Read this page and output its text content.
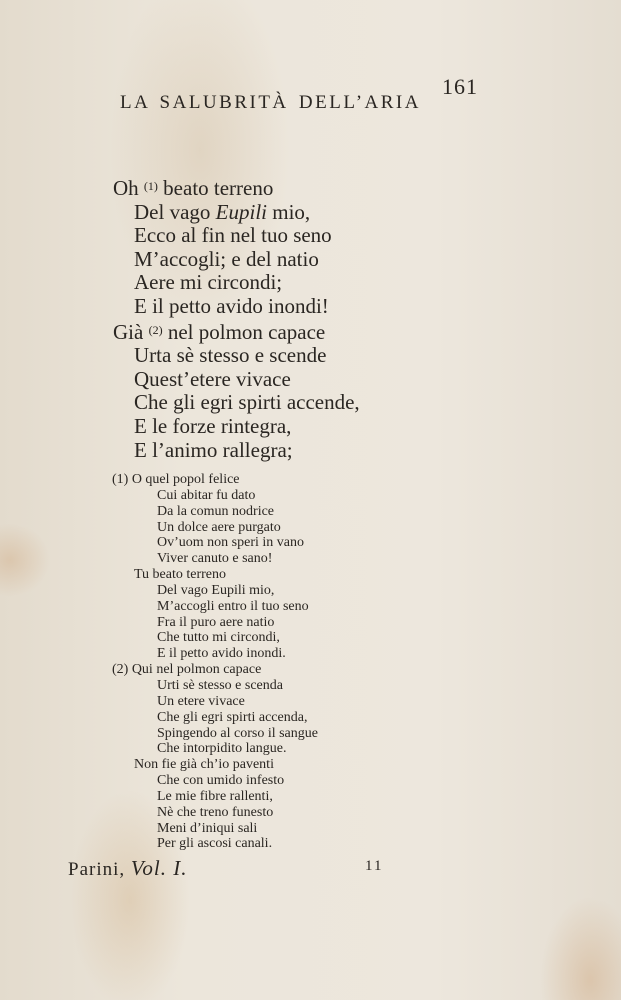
161
LA SALUBRITÀ DELL’ARIA
Oh $^{(1)}$ beato terreno
Del vago Eupili mio,
Ecco al fin nel tuo seno
M’accogli; e del natio
Aere mi circondi;
E il petto avido inondi!
Già $^{(2)}$ nel polmon capace
Urta sè stesso e scende
Quest’etere vivace
Che gli egri spirti accende,
E le forze rintegra,
E l’animo rallegra;
(1) O quel popol felice
Cui abitar fu dato
Da la comun nodrice
Un dolce aere purgato
Ov’uom non speri in vano
Viver canuto e sano!
Tu beato terreno
Del vago Eupili mio,
M’accogli entro il tuo seno
Fra il puro aere natio
Che tutto mi circondi,
E il petto avido inondi.
(2) Qui nel polmon capace
Urti sè stesso e scenda
Un etere vivace
Che gli egri spirti accenda,
Spingendo al corso il sangue
Che intorpidito langue.
Non fie già ch’io paventi
Che con umido infesto
Le mie fibre rallenti,
Nè che treno funesto
Meni d’iniqui sali
Per gli ascosi canali.
Parini, Vol. I.	11
